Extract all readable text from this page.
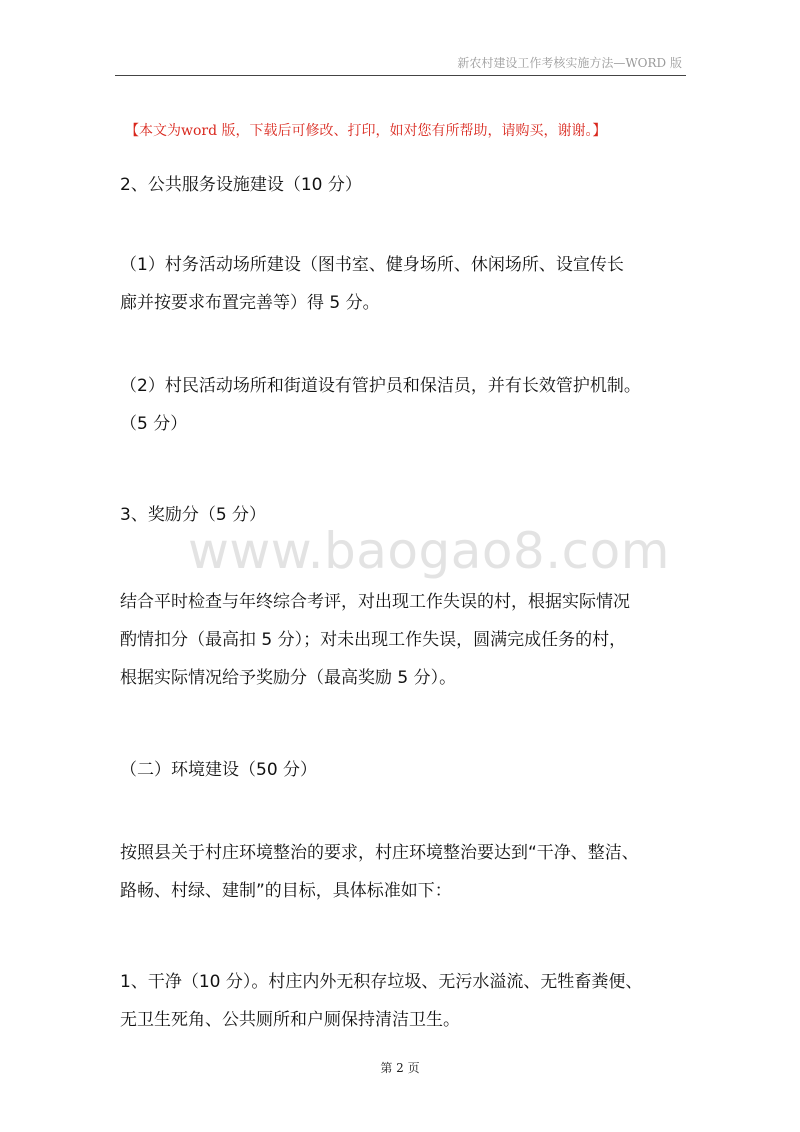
新农村建设工作考核实施方法—WORD 版
【本文为word 版，下载后可修改、打印，如对您有所帮助，请购买，谢谢。】
www.baogao8.com
2、公共服务设施建设（10 分）
（1）村务活动场所建设（图书室、健身场所、休闲场所、设宣传长
廊并按要求布置完善等）得 5 分。
（2）村民活动场所和街道设有管护员和保洁员，并有长效管护机制。
（5 分）
3、奖励分（5 分）
结合平时检查与年终综合考评，对出现工作失误的村，根据实际情况
酌情扣分（最高扣 5 分）；对未出现工作失误，圆满完成任务的村，
根据实际情况给予奖励分（最高奖励 5 分）。
（二）环境建设（50 分）
按照县关于村庄环境整治的要求，村庄环境整治要达到“干净、整洁、
路畅、村绿、建制”的目标，具体标准如下：
1、干净（10 分）。村庄内外无积存垃圾、无污水溢流、无牲畜粪便、
无卫生死角、公共厕所和户厕保持清洁卫生。
第 2 页
